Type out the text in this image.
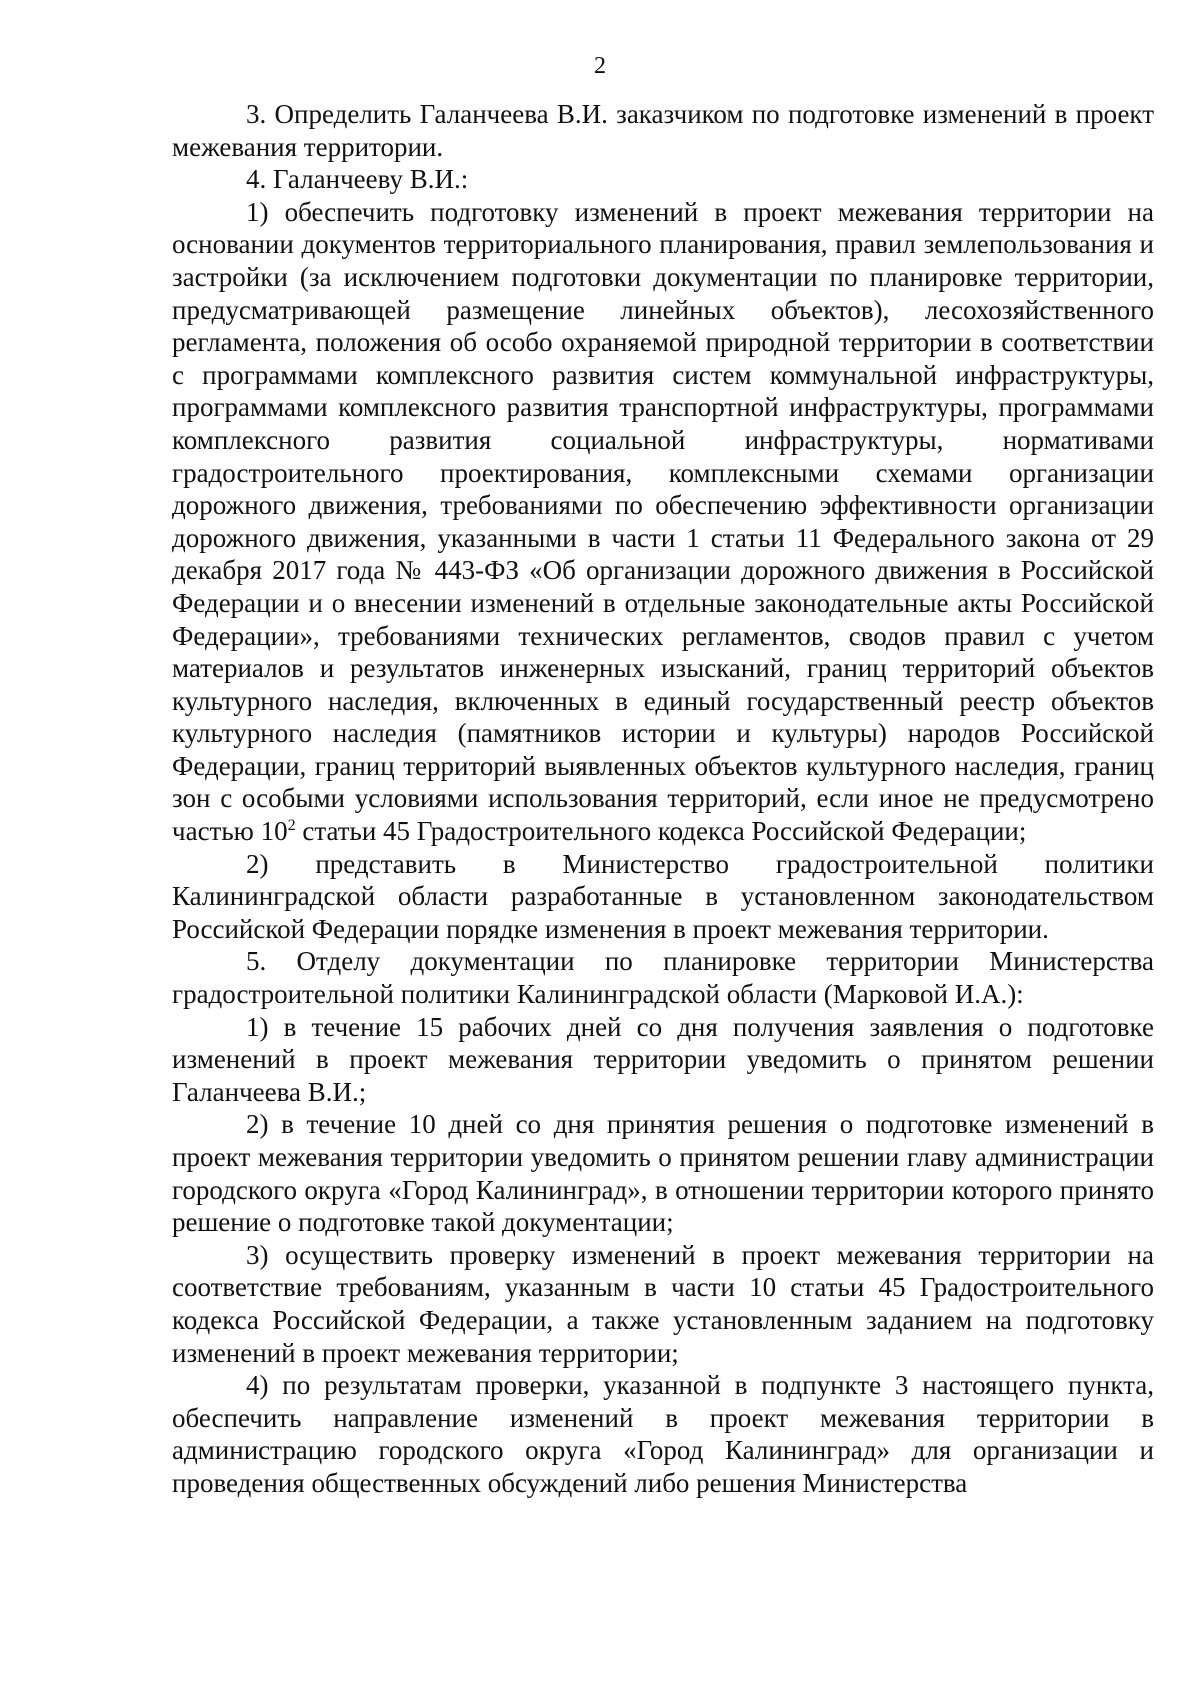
2

3. Определить Галанчеева В.И. заказчиком по подготовке изменений в проект межевания территории.

4. Галанчееву В.И.:

1) обеспечить подготовку изменений в проект межевания территории на основании документов территориального планирования, правил землепользования и застройки (за исключением подготовки документации по планировке территории, предусматривающей размещение линейных объектов), лесохозяйственного регламента, положения об особо охраняемой природной территории в соответствии с программами комплексного развития систем коммунальной инфраструктуры, программами комплексного развития транспортной инфраструктуры, программами комплексного развития социальной инфраструктуры, нормативами градостроительного проектирования, комплексными схемами организации дорожного движения, требованиями по обеспечению эффективности организации дорожного движения, указанными в части 1 статьи 11 Федерального закона от 29 декабря 2017 года № 443-ФЗ «Об организации дорожного движения в Российской Федерации и о внесении изменений в отдельные законодательные акты Российской Федерации», требованиями технических регламентов, сводов правил с учетом материалов и результатов инженерных изысканий, границ территорий объектов культурного наследия, включенных в единый государственный реестр объектов культурного наследия (памятников истории и культуры) народов Российской Федерации, границ территорий выявленных объектов культурного наследия, границ зон с особыми условиями использования территорий, если иное не предусмотрено частью $10^2$ статьи 45 Градостроительного кодекса Российской Федерации;

2) представить в Министерство градостроительной политики Калининградской области разработанные в установленном законодательством Российской Федерации порядке изменения в проект межевания территории.

5. Отделу документации по планировке территории Министерства градостроительной политики Калининградской области (Марковой И.А.):

1) в течение 15 рабочих дней со дня получения заявления о подготовке изменений в проект межевания территории уведомить о принятом решении Галанчеева В.И.;

2) в течение 10 дней со дня принятия решения о подготовке изменений в проект межевания территории уведомить о принятом решении главу администрации городского округа «Город Калининград», в отношении территории которого принято решение о подготовке такой документации;

3) осуществить проверку изменений в проект межевания территории на соответствие требованиям, указанным в части 10 статьи 45 Градостроительного кодекса Российской Федерации, а также установленным заданием на подготовку изменений в проект межевания территории;

4) по результатам проверки, указанной в подпункте 3 настоящего пункта, обеспечить направление изменений в проект межевания территории в администрацию городского округа «Город Калининград» для организации и проведения общественных обсуждений либо решения Министерства
